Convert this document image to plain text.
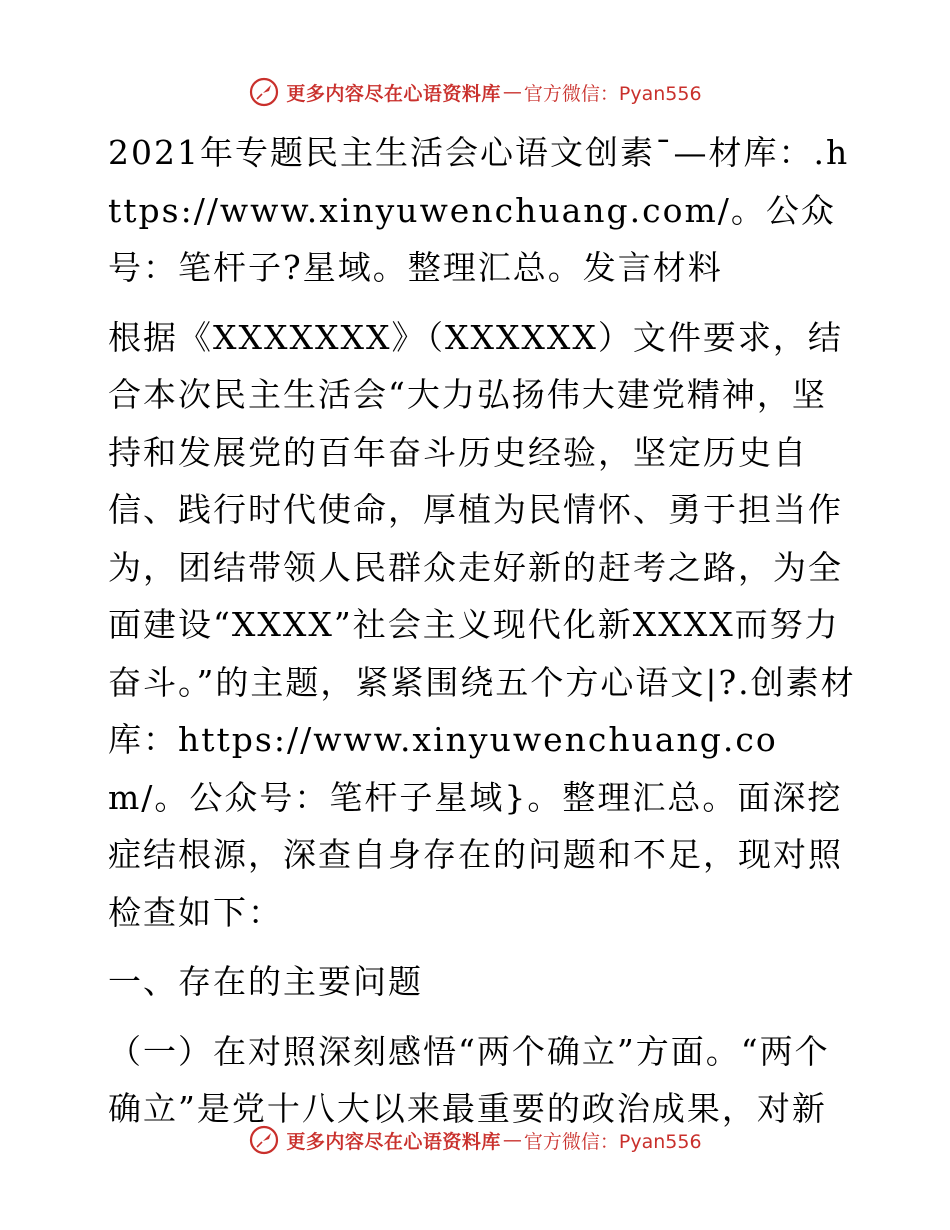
更多内容尽在心语资料库 — 官方微信：Pyan556

2021年专题民主生活会心语文创素¯—材库：.https://www.xinyuwenchuang.com/。公众号：笔杆子?星域。整理汇总。发言材料

根据《XXXXXXX》（XXXXXX）文件要求，结合本次民主生活会“大力弘扬伟大建党精神，坚持和发展党的百年奋斗历史经验，坚定历史自信、践行时代使命，厚植为民情怀、勇于担当作为，团结带领人民群众走好新的赶考之路，为全面建设“XXXX”社会主义现代化新XXXX而努力奋斗。”的主题，紧紧围绕五个方心语文|?.创素材库：https://www.xinyuwenchuang.com/。公众号：笔杆子星域}。整理汇总。面深挖症结根源，深查自身存在的问题和不足，现对照检查如下：

一、存在的主要问题

（一）在对照深刻感悟“两个确立”方面。“两个确立”是党十八大以来最重要的政治成果，对新

更多内容尽在心语资料库 — 官方微信：Pyan556
